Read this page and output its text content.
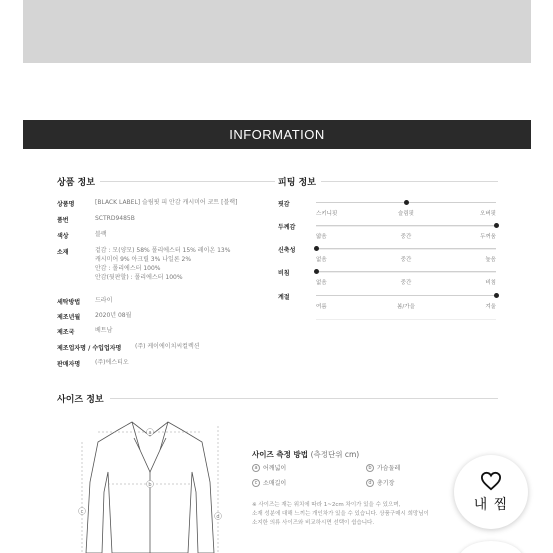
INFORMATION
상품 정보
상품명	[BLACK LABEL] 슬림핏 피 안감 캐시미어 코트 [블랙]
품번	SCTRD9485B
색상	블랙
소재	겉감 : 모(양모) 58% 폴리에스터 15% 레이온 13%
캐시미어 9% 아크릴 3% 나일론 2%
안감 : 폴리에스터 100%
안감(뒷판할) : 폴리에스터 100%
세탁방법	드라이
제조년월	2020년 08월
제조국	베트남
제조업자명 / 수입업자명	(주) 케이에이치씨컬렉션
판매자명	(주)에스티오
피팅 정보
핏감
스키니핏	슬림핏	오버핏
두께감
얇음	중간	두꺼움
신축성
없음	중간	높음
비침
없음	중간	비침
계절
여름	봄/가을	겨울
사이즈 정보
a
b
c
d
사이즈 측정 방법 (측정단위 cm)
a 어깨넓이	b 가슴둘레
c 소매길이	d 총기장
※ 사이즈는 재는 위치에 따라 1~2cm 차이가 있을 수 있으며,
소재 성분에 대해 느끼는 개인차가 있을 수 있습니다. 상품구매시 희망님이
소지한 의류 사이즈와 비교하시면 선택이 쉽습니다.
내 찜
